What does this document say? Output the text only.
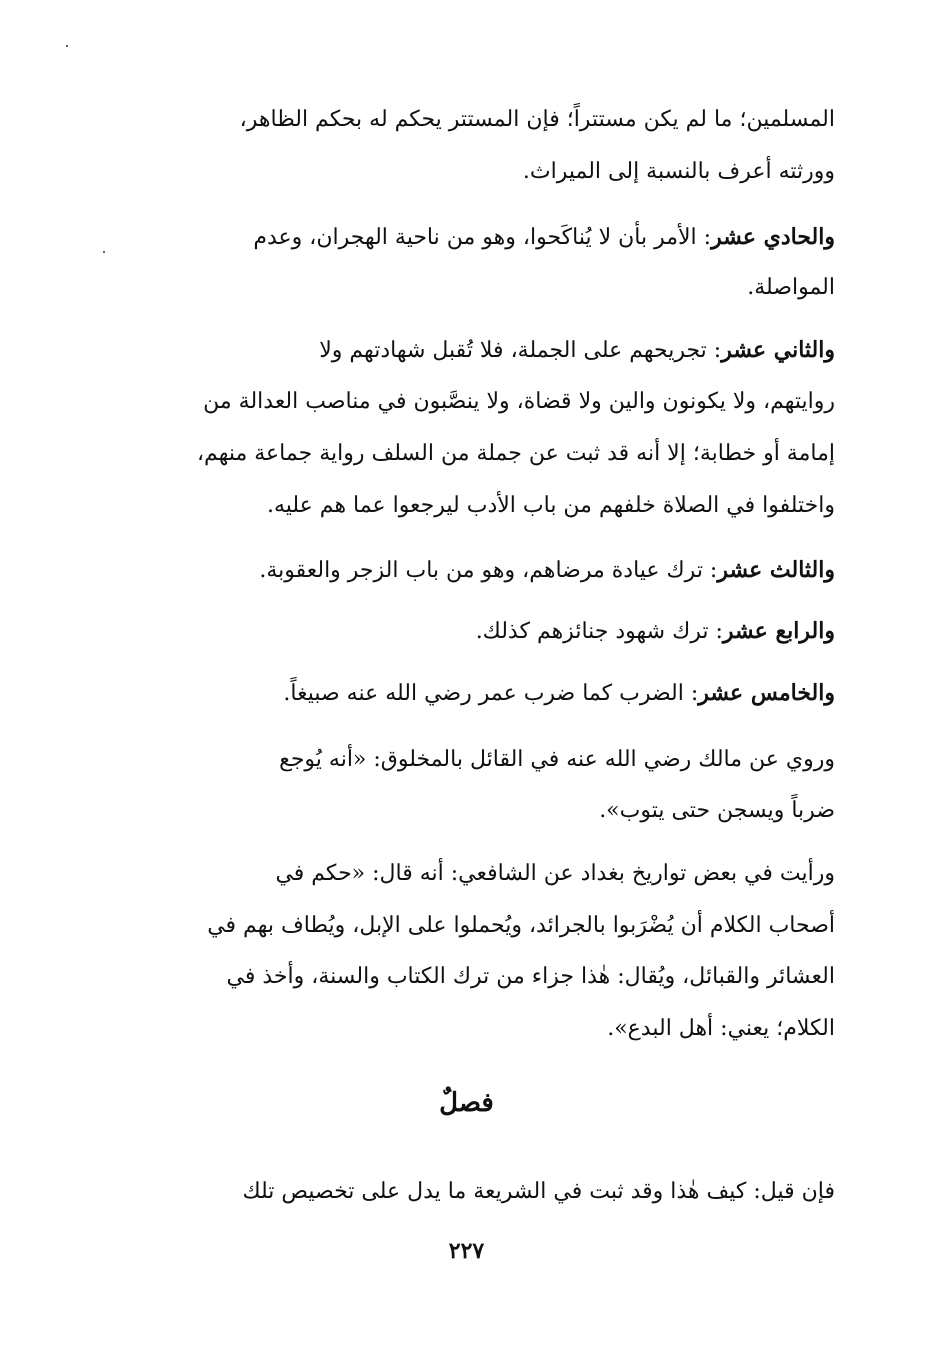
المسلمين؛ ما لم يكن مستتراً؛ فإن المستتر يحكم له بحكم الظاهر،
وورثته أعرف بالنسبة إلى الميراث.
والحادي عشر: الأمر بأن لا يُناكَحوا، وهو من ناحية الهجران، وعدم
المواصلة.
والثاني عشر: تجريحهم على الجملة، فلا تُقبل شهادتهم ولا
روايتهم، ولا يكونون والين ولا قضاة، ولا ينصَّبون في مناصب العدالة من
إمامة أو خطابة؛ إلا أنه قد ثبت عن جملة من السلف رواية جماعة منهم،
واختلفوا في الصلاة خلفهم من باب الأدب ليرجعوا عما هم عليه.
والثالث عشر: ترك عيادة مرضاهم، وهو من باب الزجر والعقوبة.
والرابع عشر: ترك شهود جنائزهم كذلك.
والخامس عشر: الضرب كما ضرب عمر رضي الله عنه صبيغاً.
وروي عن مالك رضي الله عنه في القائل بالمخلوق: «أنه يُوجع
ضرباً ويسجن حتى يتوب».
ورأيت في بعض تواريخ بغداد عن الشافعي: أنه قال: «حكم في
أصحاب الكلام أن يُضْرَبوا بالجرائد، ويُحملوا على الإبل، ويُطاف بهم في
العشائر والقبائل، ويُقال: هٰذا جزاء من ترك الكتاب والسنة، وأخذ في
الكلام؛ يعني: أهل البدع».
فإن قيل: كيف هٰذا وقد ثبت في الشريعة ما يدل على تخصيص تلك
فصلٌ
٢٢٧
